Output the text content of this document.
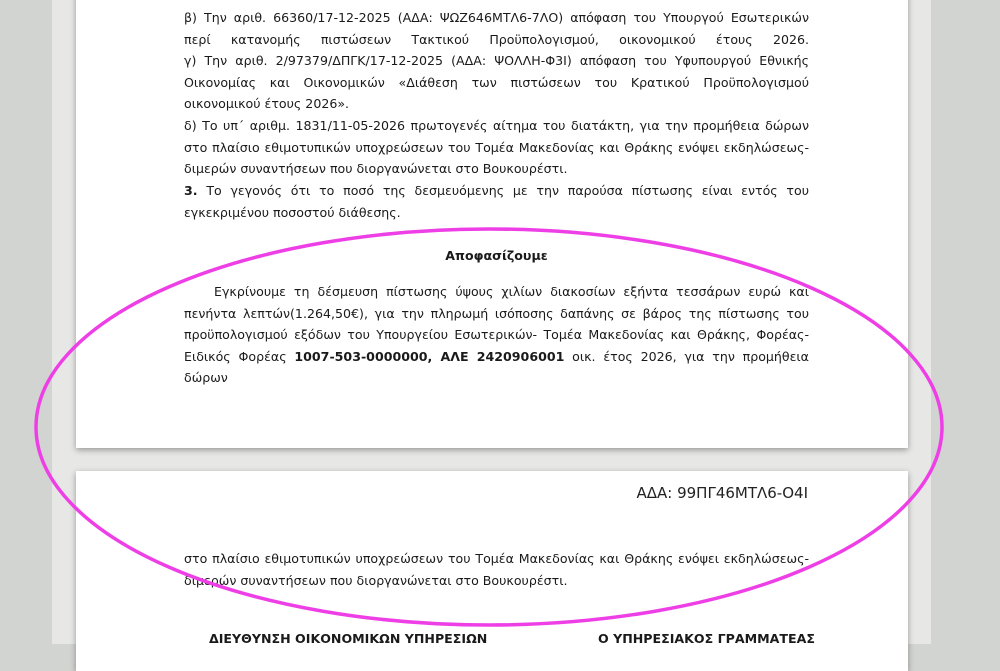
β) Την αριθ. 66360/17-12-2025 (ΑΔΑ: ΨΩΖ646ΜΤΛ6-7ΛΟ) απόφαση του Υπουργού Εσωτερικών περί κατανομής πιστώσεων Τακτικού Προϋπολογισμού, οικονομικού έτους 2026.

γ) Την αριθ. 2/97379/ΔΠΓΚ/17-12-2025 (ΑΔΑ: ΨΟΛΛΗ-Φ3Ι) απόφαση του Υφυπουργού Εθνικής Οικονομίας και Οικονομικών «Διάθεση των πιστώσεων του Κρατικού Προϋπολογισμού οικονομικού έτους 2026».

δ) Το υπ΄ αριθμ. 1831/11-05-2026 πρωτογενές αίτημα του διατάκτη, για την προμήθεια δώρων στο πλαίσιο εθιμοτυπικών υποχρεώσεων του Τομέα Μακεδονίας και Θράκης ενόψει εκδηλώσεως-διμερών συναντήσεων που διοργανώνεται στο Βουκουρέστι.

3. Το γεγονός ότι το ποσό της δεσμευόμενης με την παρούσα πίστωσης είναι εντός του εγκεκριμένου ποσοστού διάθεσης.

Αποφασίζουμε

Εγκρίνουμε τη δέσμευση πίστωσης ύψους χιλίων διακοσίων εξήντα τεσσάρων ευρώ και πενήντα λεπτών(1.264,50€), για την πληρωμή ισόποσης δαπάνης σε βάρος της πίστωσης του προϋπολογισμού εξόδων του Υπουργείου Εσωτερικών- Τομέα Μακεδονίας και Θράκης, Φορέας- Ειδικός Φορέας 1007-503-0000000, ΑΛΕ 2420906001 οικ. έτος 2026, για την προμήθεια δώρων

ΑΔΑ: 99ΠΓ46ΜΤΛ6-Ο4Ι

στο πλαίσιο εθιμοτυπικών υποχρεώσεων του Τομέα Μακεδονίας και Θράκης ενόψει εκδηλώσεως-διμερών συναντήσεων που διοργανώνεται στο Βουκουρέστι.

ΔΙΕΥΘΥΝΣΗ ΟΙΚΟΝΟΜΙΚΩΝ ΥΠΗΡΕΣΙΩΝ	Ο ΥΠΗΡΕΣΙΑΚΟΣ ΓΡΑΜΜΑΤΕΑΣ
